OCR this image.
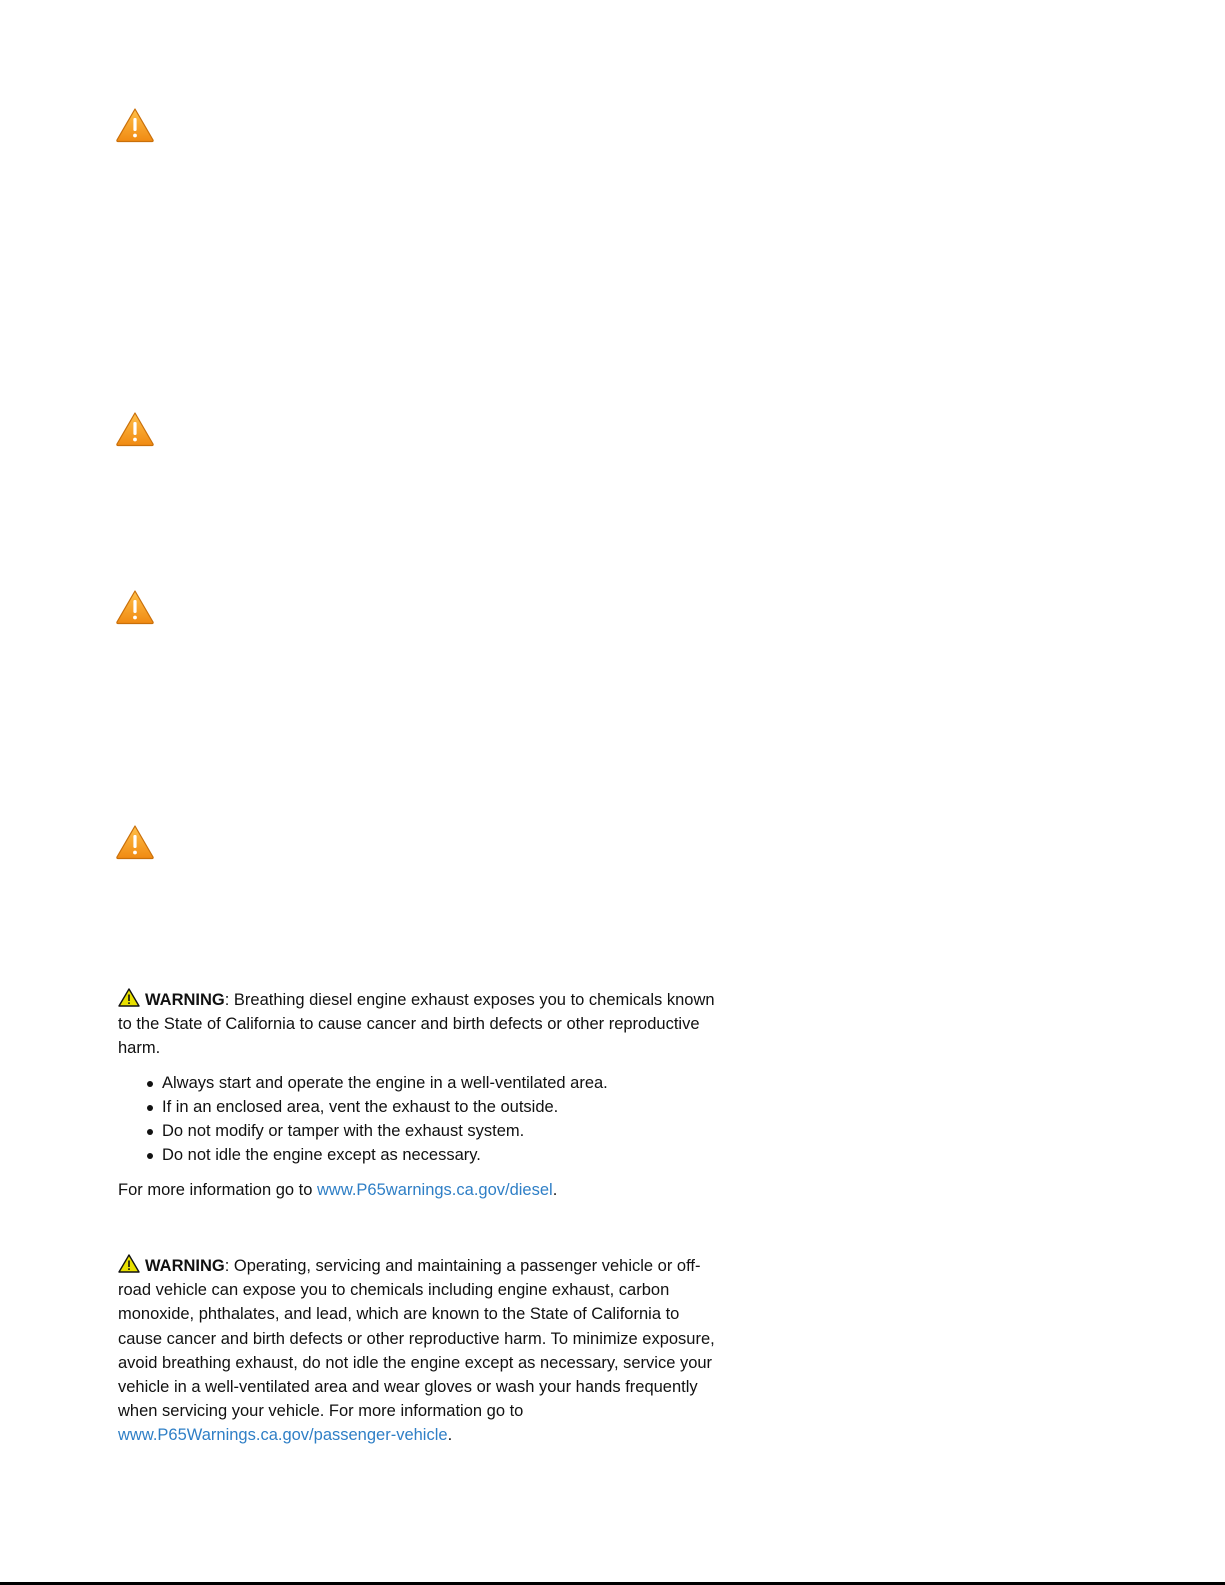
WARNING: Breathing diesel engine exhaust exposes you to chemicals known to the State of California to cause cancer and birth defects or other reproductive harm.
Always start and operate the engine in a well-ventilated area.
If in an enclosed area, vent the exhaust to the outside.
Do not modify or tamper with the exhaust system.
Do not idle the engine except as necessary.
For more information go to www.P65warnings.ca.gov/diesel.
WARNING: Operating, servicing and maintaining a passenger vehicle or off-road vehicle can expose you to chemicals including engine exhaust, carbon monoxide, phthalates, and lead, which are known to the State of California to cause cancer and birth defects or other reproductive harm. To minimize exposure, avoid breathing exhaust, do not idle the engine except as necessary, service your vehicle in a well-ventilated area and wear gloves or wash your hands frequently when servicing your vehicle. For more information go to www.P65Warnings.ca.gov/passenger-vehicle.
